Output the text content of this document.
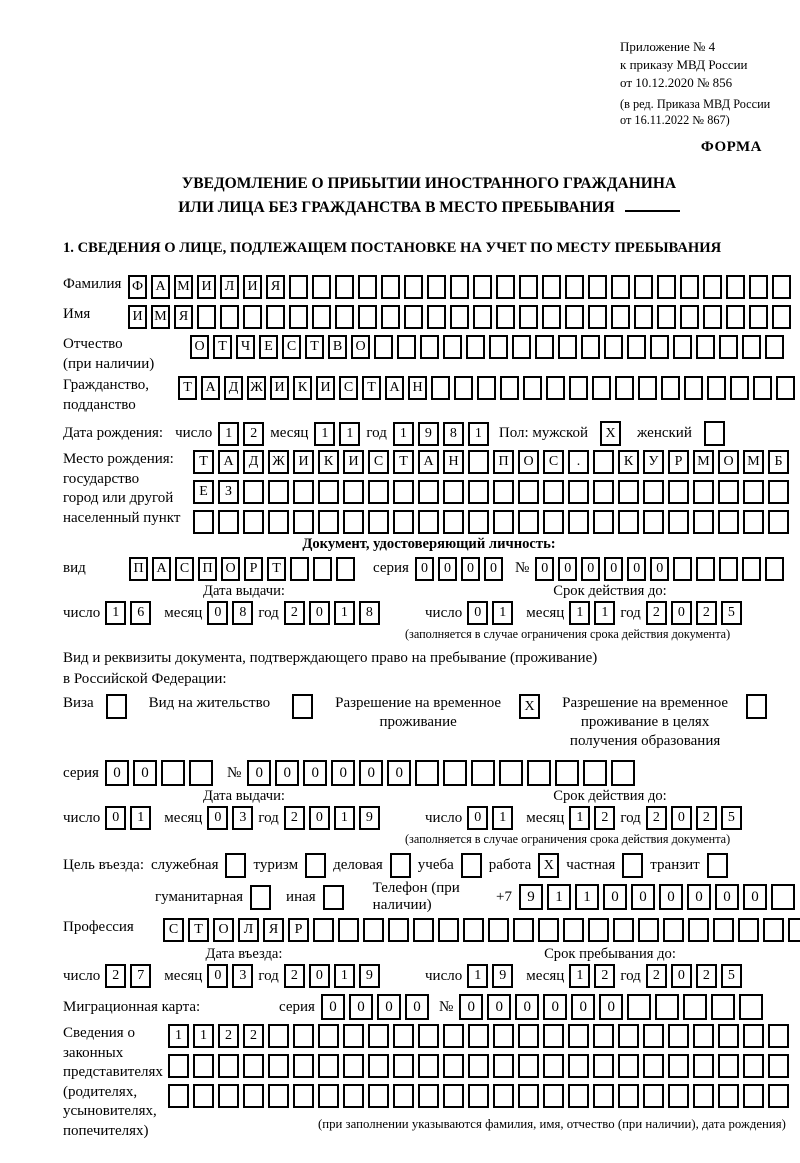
Приложение № 4
к приказу МВД России
от 10.12.2020 № 856
(в ред. Приказа МВД России
от 16.11.2022 № 867)
ФОРМА
УВЕДОМЛЕНИЕ О ПРИБЫТИИ ИНОСТРАННОГО ГРАЖДАНИНА
ИЛИ ЛИЦА БЕЗ ГРАЖДАНСТВА В МЕСТО ПРЕБЫВАНИЯ
1. СВЕДЕНИЯ О ЛИЦЕ, ПОДЛЕЖАЩЕМ ПОСТАНОВКЕ НА УЧЕТ ПО МЕСТУ ПРЕБЫВАНИЯ
Фамилия Ф А М И Л И Я
Имя	И М Я
Отчество
(при наличии)
О Т	Ч	Е	С	Т	В О
Гражданство,
подданство
Т А Д Ж И К И С	Т А Н
Дата рождения: число 1	2 месяц 1	1 год 1	9	8	1	Пол: мужской	X	женский
Место рождения:
государство
город или другой
населенный пункт
Т	А	Д Ж И	К	И	С	Т	А	Н	П	О	С	.	К	У	Р	М О М	Б
Е	З
Документ, удостоверяющий личность:
вид	П А С П О	Р	Т	серия 0	0	0	0	№ 0	0	0	0	0	0
Дата выдачи:
число 1	6	месяц 0	8 год 2	0	1	8
Срок действия до:
число 0	1	месяц 1	1 год 2	0	2	5
(заполняется в случае ограничения срока действия документа)
Вид и реквизиты документа, подтверждающего право на пребывание (проживание)
в Российской Федерации:
Виза	Вид на жительство	Разрешение на временное проживание
X	Разрешение на временное проживание в целях получения образования
серия 0	0	№ 0	0	0	0	0	0
Дата выдачи:
число 0	1	месяц 0	3 год 2	0	1	9
Срок действия до:
число 0	1	месяц 1	2 год 2	0	2	5
(заполняется в случае ограничения срока действия документа)
Цель въезда: служебная туризм деловая учеба работа X частная транзит
гуманитарная	иная
Телефон (при наличии)
+7	9	1	1	0	0	0	0	0	0
Профессия	С	Т	О	Л	Я	Р
Дата въезда:
число 2	7	месяц 0	3 год 2	0	1	9
Срок пребывания до:
число 1	9	месяц 1	2 год 2	0	2	5
Миграционная карта:	серия 0	0	0	0	№ 0	0	0	0	0	0
Сведения о
законных
представителях
(родителях,
усыновителях,
попечителях)
1	1	2	2
(при заполнении указываются фамилия, имя, отчество (при наличии), дата рождения)
